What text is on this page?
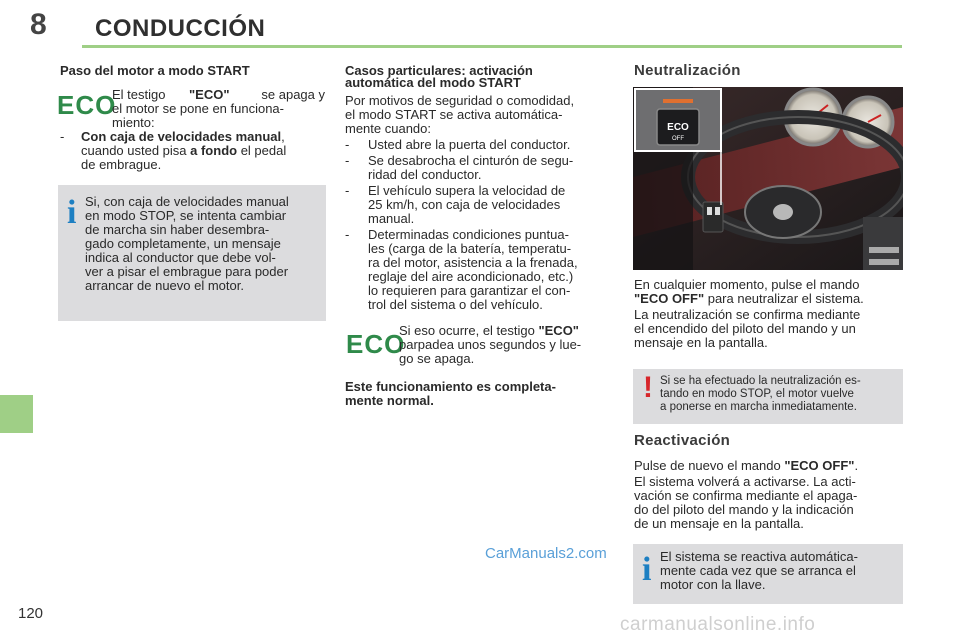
8 CONDUCCIÓN
120
Paso del motor a modo START
ECO
El testigo "ECO" se apaga y
el motor se pone en funciona-
miento:
- Con caja de velocidades manual,
cuando usted pisa a fondo el pedal
de embrague.
i Si, con caja de velocidades manual
en modo STOP, se intenta cambiar
de marcha sin haber desembra-
gado completamente, un mensaje
indica al conductor que debe vol-
ver a pisar el embrague para poder
arrancar de nuevo el motor.
Casos particulares: activación
automática del modo START
Por motivos de seguridad o comodidad,
el modo START se activa automática-
mente cuando:
- Usted abre la puerta del conductor.
- Se desabrocha el cinturón de segu-
ridad del conductor.
- El vehículo supera la velocidad de
25 km/h, con caja de velocidades
manual.
- Determinadas condiciones puntua-
les (carga de la batería, temperatu-
ra del motor, asistencia a la frenada,
reglaje del aire acondicionado, etc.)
lo requieren para garantizar el con-
trol del sistema o del vehículo.
ECO
Si eso ocurre, el testigo "ECO"
parpadea unos segundos y lue-
go se apaga.
Este funcionamiento es completa-
mente normal.
Neutralización
ECO
OFF
En cualquier momento, pulse el mando
"ECO OFF" para neutralizar el sistema.
La neutralización se confirma mediante
el encendido del piloto del mando y un
mensaje en la pantalla.
! Si se ha efectuado la neutralización es-
tando en modo STOP, el motor vuelve
a ponerse en marcha inmediatamente.
Reactivación
Pulse de nuevo el mando "ECO OFF".
El sistema volverá a activarse. La acti-
vación se confirma mediante el apaga-
do del piloto del mando y la indicación
de un mensaje en la pantalla.
i El sistema se reactiva automática-
mente cada vez que se arranca el
motor con la llave.
CarManuals2.com
carmanualsonline.info
